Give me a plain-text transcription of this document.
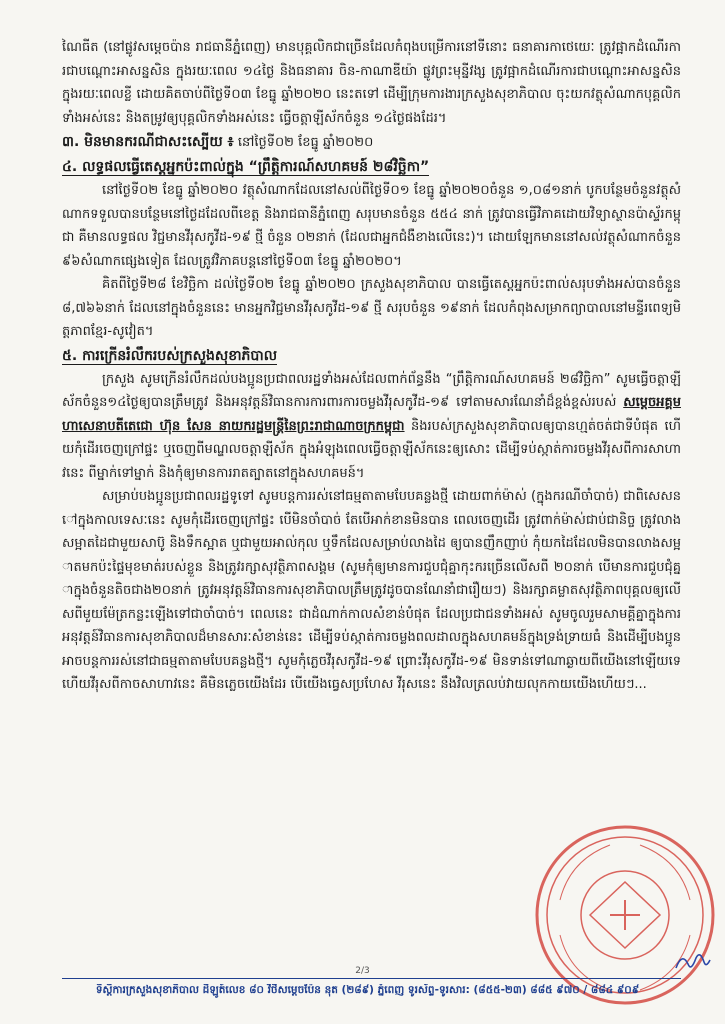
ណៃធីត (នៅផ្លូវសម្តេចប៉ាន រាជធានីភ្នំពេញ) មានបុគ្គលិកជាច្រើនដែលកំពុងបម្រើការនៅទីនោះ ធនាគារកាថេយេៈ ត្រូវផ្អាកដំណើរការជាបណ្តោះអាសន្នសិន ក្នុងរយៈពេល ១៤ថ្ងៃ និងធនាគារ ចិន-កាណាឌីយ៉ា ផ្លូវព្រះមុន្នីវង្ស ត្រូវផ្អាកដំណើរការជាបណ្តោះអាសន្នសិន ក្នុងរយៈពេលខ្លី ដោយគិតចាប់ពីថ្ងៃទី០៣ ខែធ្នូ ឆ្នាំ២០២០ នេះតទៅ ដើម្បីក្រុមការងារក្រសួងសុខាភិបាល ចុះយកវត្ថុសំណាកបុគ្គលិកទាំងអស់នេះ និងតម្រូវឲ្យបុគ្គលិកទាំងអស់នេះ ធ្វើចត្តាឡីស័កចំនួន ១៤ថ្ងៃផងដែរ។

៣. មិនមានករណីជាសះស្បើយ ៖ នៅថ្ងៃទី០២ ខែធ្នូ ឆ្នាំ២០២០
៤. លទ្ធផលធ្វើតេស្តអ្នកប៉ះពាល់ក្នុង “ព្រឹត្តិការណ៍សហគមន៍ ២៨វិច្ឆិកា”

នៅថ្ងៃទី០២ ខែធ្នូ ឆ្នាំ២០២០ វត្ថុសំណាកដែលនៅសល់ពីថ្ងៃទី០១ ខែធ្នូ ឆ្នាំ២០២០ចំនួន ១,០៨១នាក់ បូកបន្ថែមចំនួនវត្ថុសំណាកទទួលបានបន្ថែមនៅថ្ងៃដដែលពីខេត្ត និងរាជធានីភ្នំពេញ សរុបមានចំនួន ៥៥៤ នាក់ ត្រូវបានធ្វើវិភាគដោយវិទ្យាស្ថានប៉ាស្ទ័រកម្ពុជា គឺមានលទ្ធផល វិជ្ជមានវីរុសកូវីដ-១៩ ថ្មី ចំនួន ០២នាក់ (ដែលជាអ្នកជំងឺខាងលើនេះ)។ ដោយឡែកមាននៅសល់វត្ថុសំណាកចំនួន ៩៦សំណាកផ្សេងទៀត ដែលត្រូវវិភាគបន្តនៅថ្ងៃទី០៣ ខែធ្នូ ឆ្នាំ២០២០។

គិតពីថ្ងៃទី២៨ ខែវិច្ឆិកា ដល់ថ្ងៃទី០២ ខែធ្នូ ឆ្នាំ២០២០ ក្រសួងសុខាភិបាល បានធ្វើតេស្តអ្នកប៉ះពាល់សរុបទាំងអស់បានចំនួន ៨,៧៦៦នាក់ ដែលនៅក្នុងចំនួននេះ មានអ្នកវិជ្ជមានវីរុសកូវីដ-១៩ ថ្មី សរុបចំនួន ១៩នាក់ ដែលកំពុងសម្រាកព្យាបាលនៅមន្ទីរពេទ្យមិត្តភាពខ្មែរ-សូវៀត។

៥. ការក្រើនរំលឹករបស់ក្រសួងសុខាភិបាល

ក្រសួង សូមក្រើនរំលឹកដល់បងប្អូនប្រជាពលរដ្ឋទាំងអស់ដែលពាក់ព័ន្ធនឹង “ព្រឹត្តិការណ៍សហគមន៍ ២៨វិច្ឆិកា” សូមធ្វើចត្តាឡីស័កចំនួន១៤ថ្ងៃឲ្យបានត្រឹមត្រូវ និងអនុវត្តន៍វិធានការការពារការចម្លងវីរុសកូវីដ-១៩ ទៅតាមសារណែនាំដ៏ខ្ពង់ខ្ពស់របស់ សម្តេចអគ្គមហាសេនាបតីតេជោ ហ៊ុន សែន នាយករដ្ឋមន្ត្រីនៃព្រះរាជាណាចក្រកម្ពុជា និងរបស់ក្រសួងសុខាភិបាលឲ្យបានហ្មត់ចត់ជាទីបំផុត ហើយកុំដើរចេញក្រៅផ្ទះ ឬចេញពីមណ្ឌលចត្តាឡីស័ក ក្នុងអំឡុងពេលធ្វើចត្តាឡីស័កនេះឲ្យសោះ ដើម្បីទប់ស្កាត់ការចម្លងវីរុសពីការសាហាវនេះ ពីម្នាក់ទៅម្នាក់ និងកុំឲ្យមានការរាតត្បាតនៅក្នុងសហគមន៍។

សម្រាប់បងប្អូនប្រជាពលរដ្ឋទូទៅ សូមបន្តការរស់នៅធម្មតាតាមបែបគន្លងថ្មី ដោយពាក់ម៉ាស់ (ក្នុងករណីចាំបាច់) ជាពិសេសនៅក្នុងកាលទេសៈនេះ សូមកុំដើរចេញក្រៅផ្ទះ បើមិនចាំបាច់ តែបើអាក់ខានមិនបាន ពេលចេញដើរ ត្រូវពាក់ម៉ាស់ជាប់ជានិច្ច ត្រូវលាងសម្អាតដៃជាមួយសាប៊ូ និងទឹកស្អាត ឬជាមួយអាល់កុល ឬទឹកដែលសម្រាប់លាងដៃ ឲ្យបានញឹកញាប់ កុំយកដៃដែលមិនបានលាងសម្អាតមកប៉ះផ្ទៃមុខមាត់របស់ខ្លួន និងត្រូវរក្សាសុវត្ថិភាពសង្គម (សូមកុំឲ្យមានការជួបជុំគ្នាកុះករច្រើនលើសពី ២០នាក់ បើមានការជួបជុំគ្នាក្នុងចំនួនតិចជាង២០នាក់ ត្រូវអនុវត្តន៍វិធានការសុខាភិបាលត្រឹមត្រូវដូចបានណែនាំជារឿយៗ) និងរក្សាគម្លាតសុវត្ថិភាពបុគ្គលឲ្យលើសពីមួយម៉ែត្រកន្លះឡើងទៅជាចាំបាច់។ ពេលនេះ ជាដំណាក់កាលសំខាន់បំផុត ដែលប្រជាជនទាំងអស់ សូមចូលរួមសាមគ្គីគ្នាក្នុងការអនុវត្តន៍វិធានការសុខាភិបាលដ៏មានសារៈសំខាន់នេះ ដើម្បីទប់ស្កាត់ការចម្លងពលដាលក្នុងសហគមន៍ក្នុងទ្រង់ទ្រាយធំ និងដើម្បីបងប្អូនអាចបន្តការរស់នៅជាធម្មតាតាមបែបគន្លងថ្មី។ សូមកុំភ្លេចវីរុសកូវីដ-១៩ ព្រោះវីរុសកូវីដ-១៩ មិនទាន់ទៅណាឆ្ងាយពីយើងនៅឡើយទេ ហើយវីរុសពីកាចសាហាវនេះ គឺមិនភ្លេចយើងដែរ បើយើងធ្វេសប្រហែស វីរុសនេះ នឹងវិលត្រលប់វាយលុកកាយយើងហើយៗ...

2/3
ទីស្តីការក្រសួងសុខាភិបាល ដីឡូត៍លេខ ៨០ វិថីសម្តេចប៉ែន នុត (២៨៩) ភ្នំពេញ ទូរស័ព្ទ-ទូរសារ: (៨៥៥-២៣) ៨៨៥ ៩៧០ / ៨៨៤ ៩០៩
